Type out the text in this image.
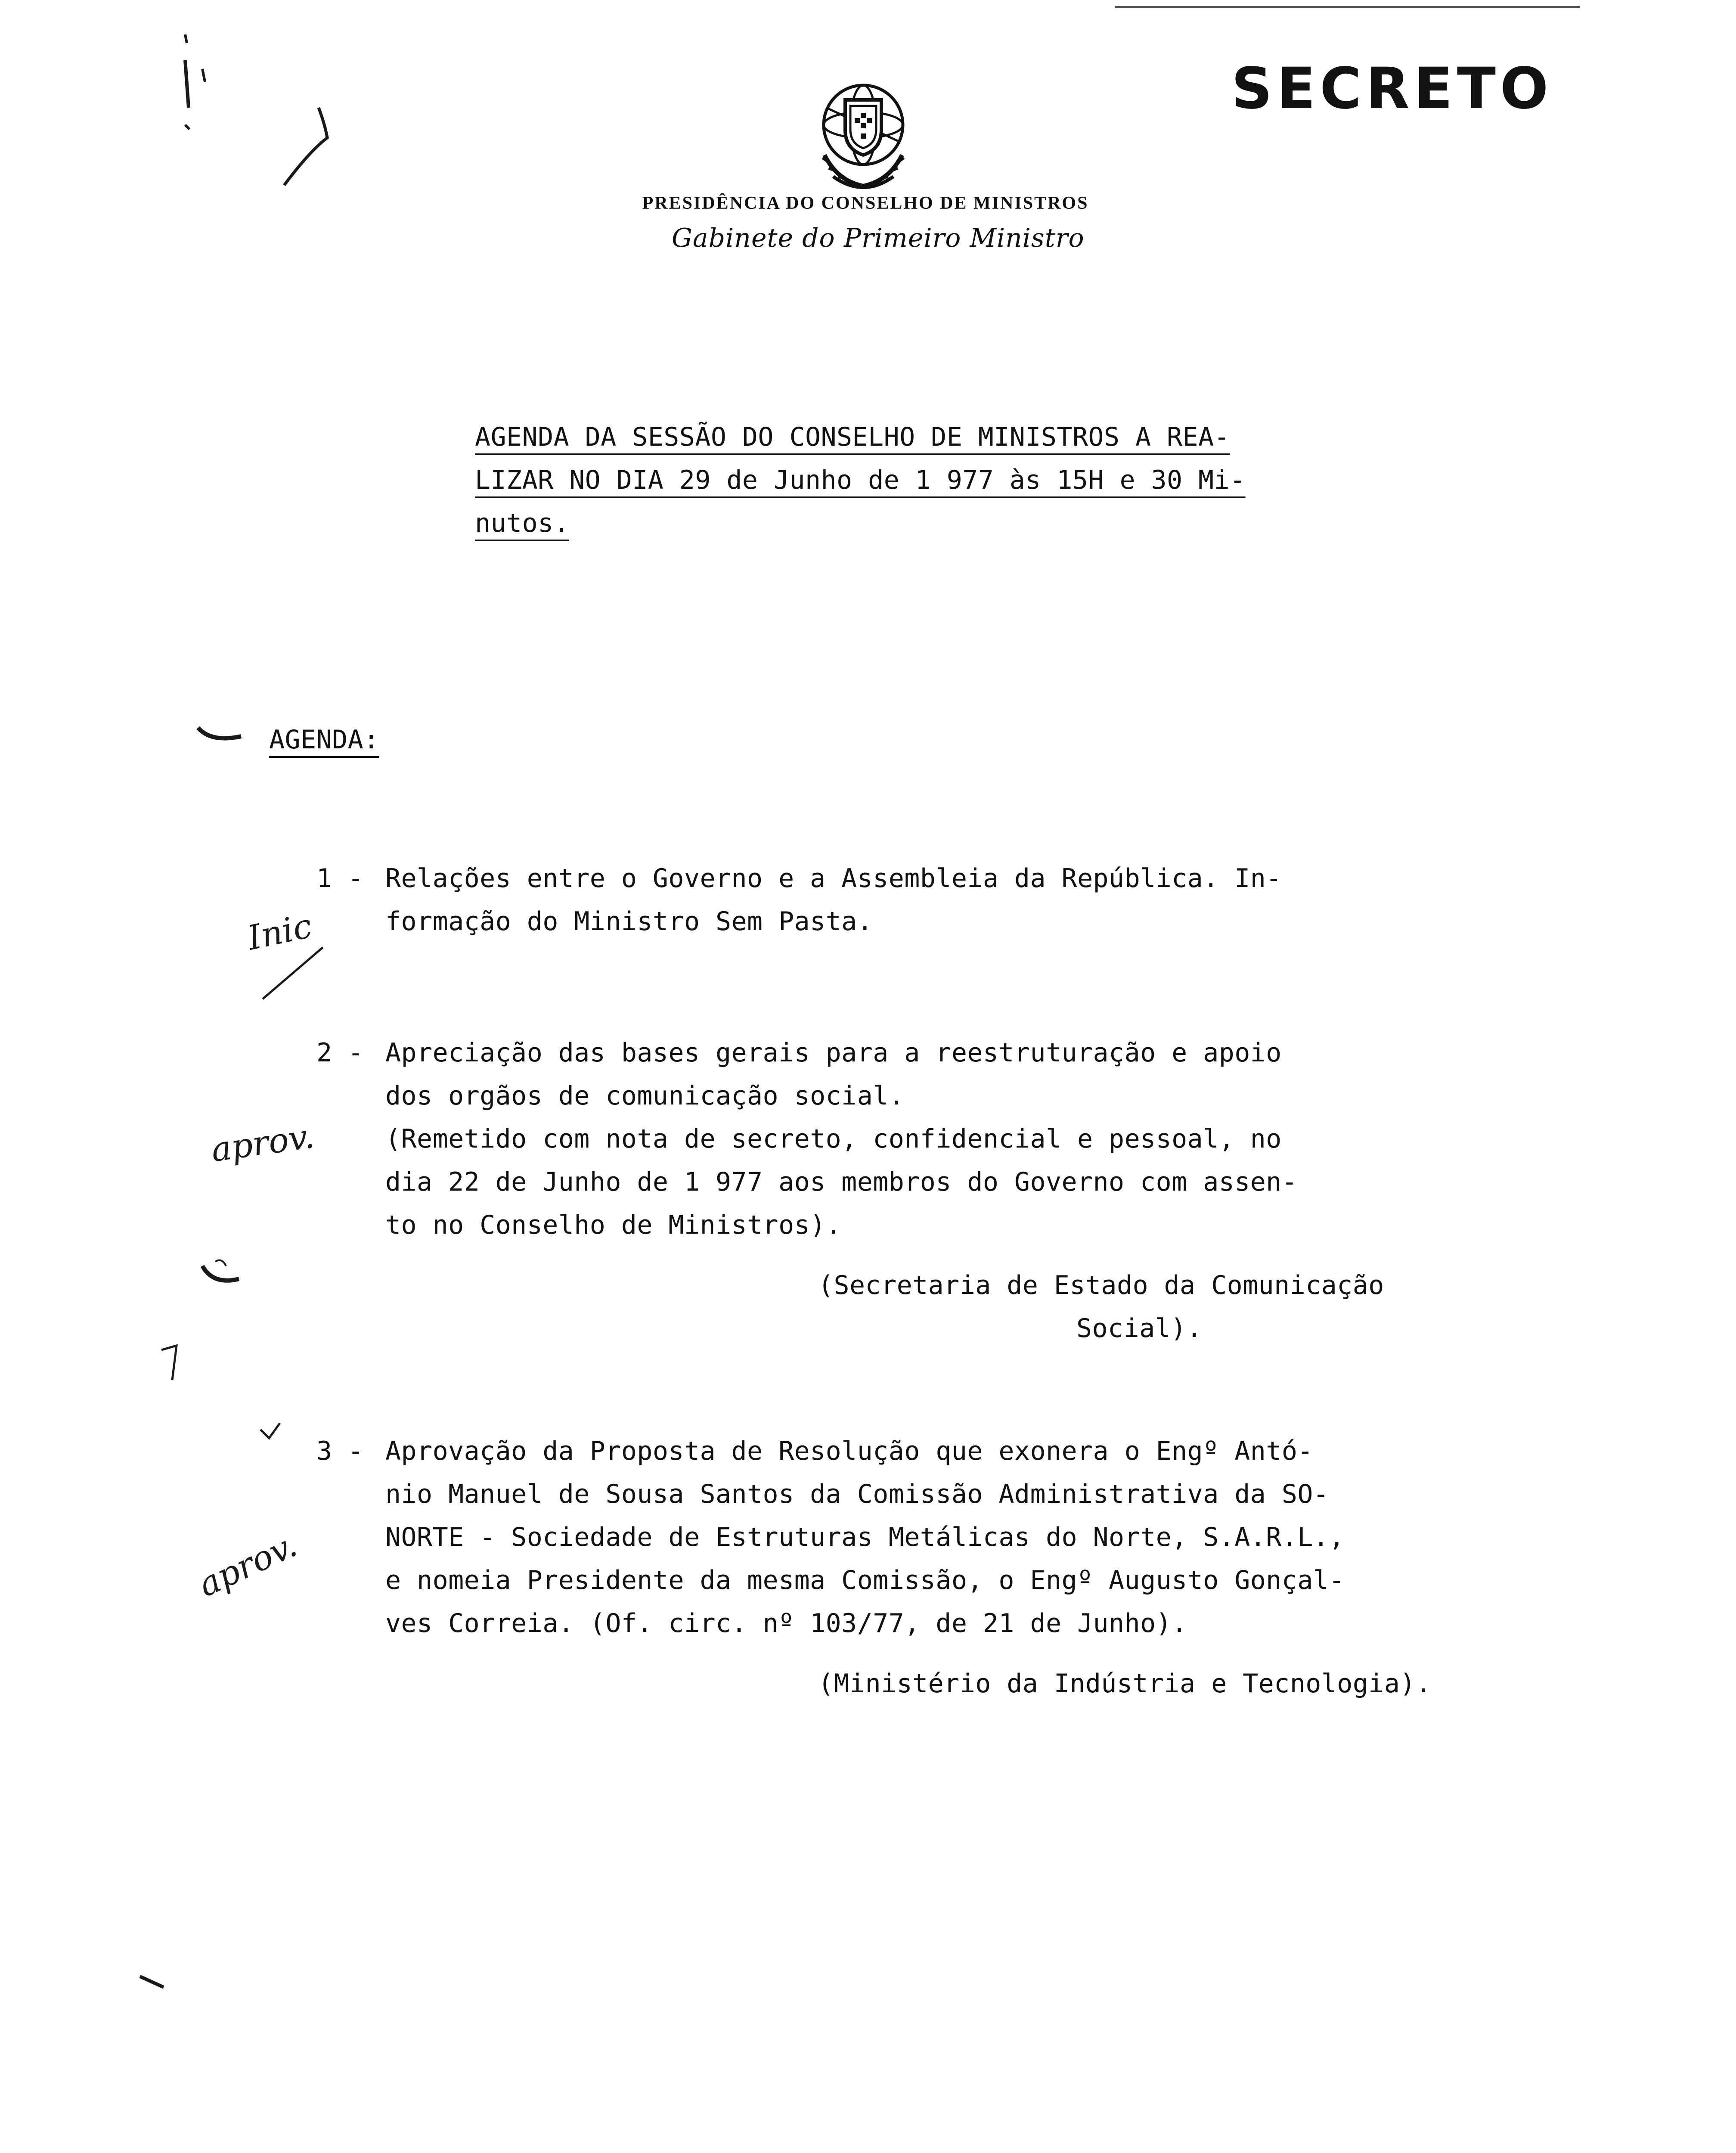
SECRETO
PRESIDÊNCIA DO CONSELHO DE MINISTROS
Gabinete do Primeiro Ministro
AGENDA DA SESSÃO DO CONSELHO DE MINISTROS A REA-
LIZAR NO DIA 29 de Junho de 1 977 às 15H e 30 Mi-
nutos.
AGENDA:
1 - Relações entre o Governo e a Assembleia da República. In-
formação do Ministro Sem Pasta.
2 - Apreciação das bases gerais para a reestruturação e apoio
dos orgãos de comunicação social.
(Remetido com nota de secreto, confidencial e pessoal, no
dia 22 de Junho de 1 977 aos membros do Governo com assen-
to no Conselho de Ministros).
(Secretaria de Estado da Comunicação
Social).
3 - Aprovação da Proposta de Resolução que exonera o Engº Antó-
nio Manuel de Sousa Santos da Comissão Administrativa da SO-
NORTE - Sociedade de Estruturas Metálicas do Norte, S.A.R.L.,
e nomeia Presidente da mesma Comissão, o Engº Augusto Gonçal-
ves Correia. (Of. circ. nº 103/77, de 21 de Junho).
(Ministério da Indústria e Tecnologia).
Inic
aprov.
aprov.
